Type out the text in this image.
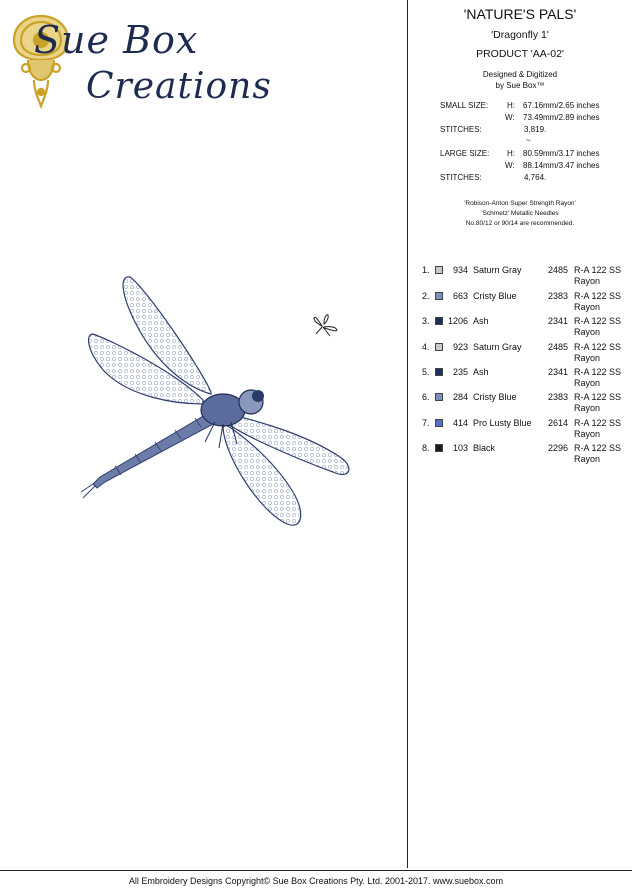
Sue Box
Creations
'NATURE'S PALS'
'Dragonfly 1'
PRODUCT 'AA-02'
Designed & Digitized
by Sue Box™
SMALL SIZE: H: 67.16mm/2.65 inches
W: 73.49mm/2.89 inches
STITCHES:	3,819.
~
LARGE SIZE: H: 80.59mm/3.17 inches
W: 88.14mm/3.47 inches
STITCHES:	4,764.
'Robison-Anton Super Strength Rayon'
'Schmetz' Metallic Needles
No.80/12 or 90/14 are recommended.
1.	934 Saturn Gray	2485 R-A 122 SS
Rayon
2.	663 Cristy Blue	2383 R-A 122 SS
Rayon
3. 1206 Ash	2341 R-A 122 SS
Rayon
4.	923 Saturn Gray	2485 R-A 122 SS
Rayon
5.	235 Ash	2341 R-A 122 SS
Rayon
6.	284 Cristy Blue	2383 R-A 122 SS
Rayon
7.	414 Pro Lusty Blue 2614 R-A 122 SS
Rayon
8.	103 Black	2296 R-A 122 SS
Rayon
All Embroidery Designs Copyright© Sue Box Creations Pty. Ltd. 2001-2017. www.suebox.com
